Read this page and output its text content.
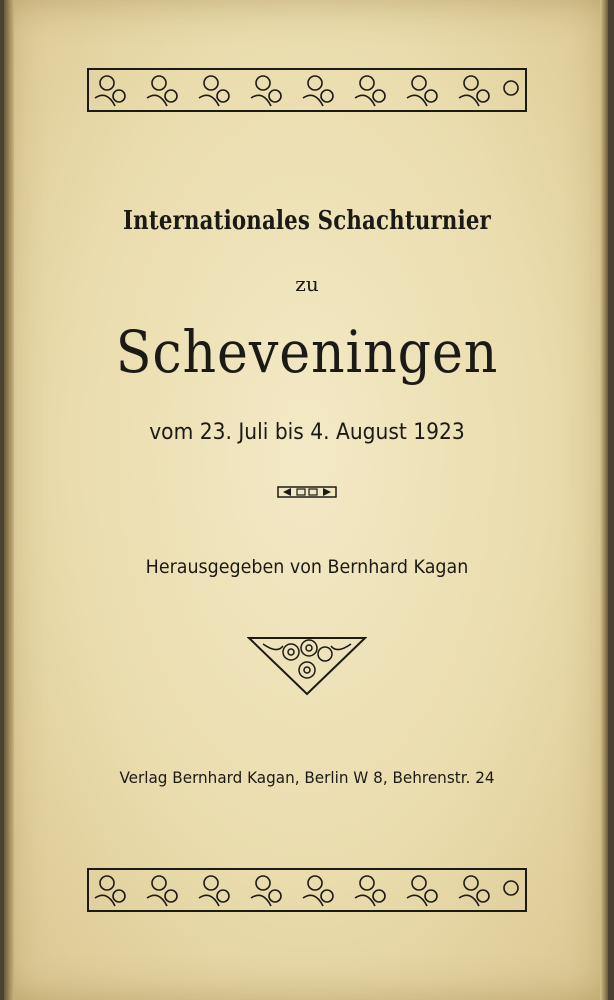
Internationales Schachturnier
zu
Scheveningen
vom 23. Juli bis 4. August 1923
Herausgegeben von Bernhard Kagan
Verlag Bernhard Kagan, Berlin W 8, Behrenstr. 24
